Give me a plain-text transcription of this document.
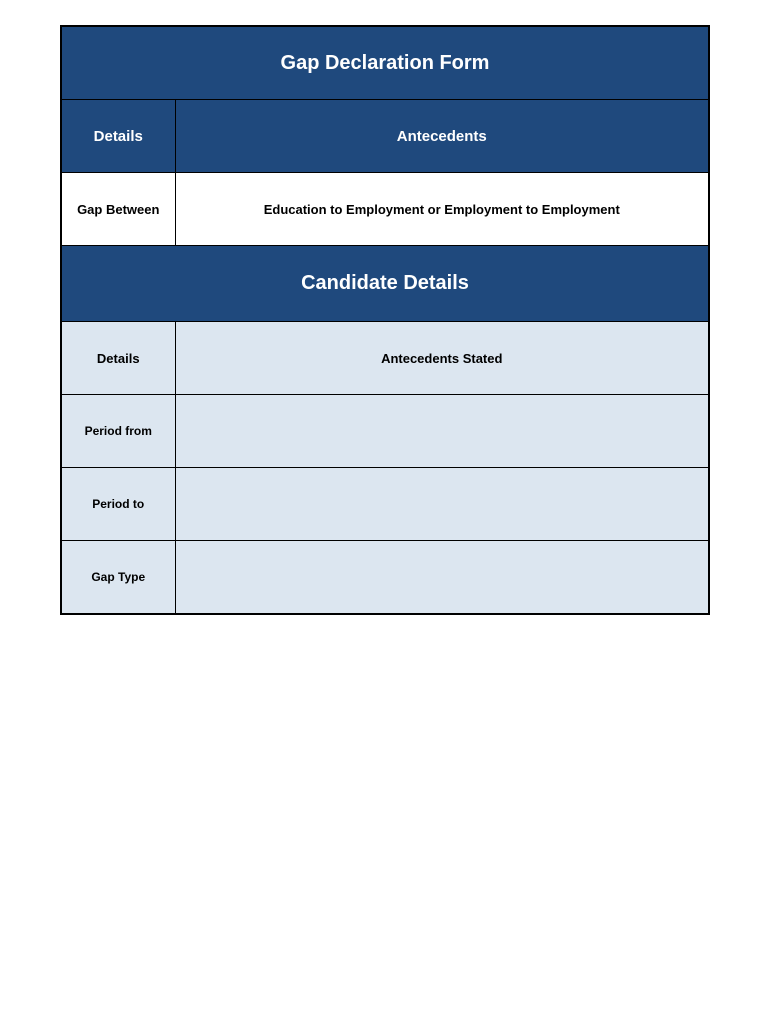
Gap Declaration Form	
Details	Antecedents
Gap Between	Education to Employment or Employment to Employment
Candidate Details	
Details	Antecedents Stated
Period from	
Period to	
Gap Type	
